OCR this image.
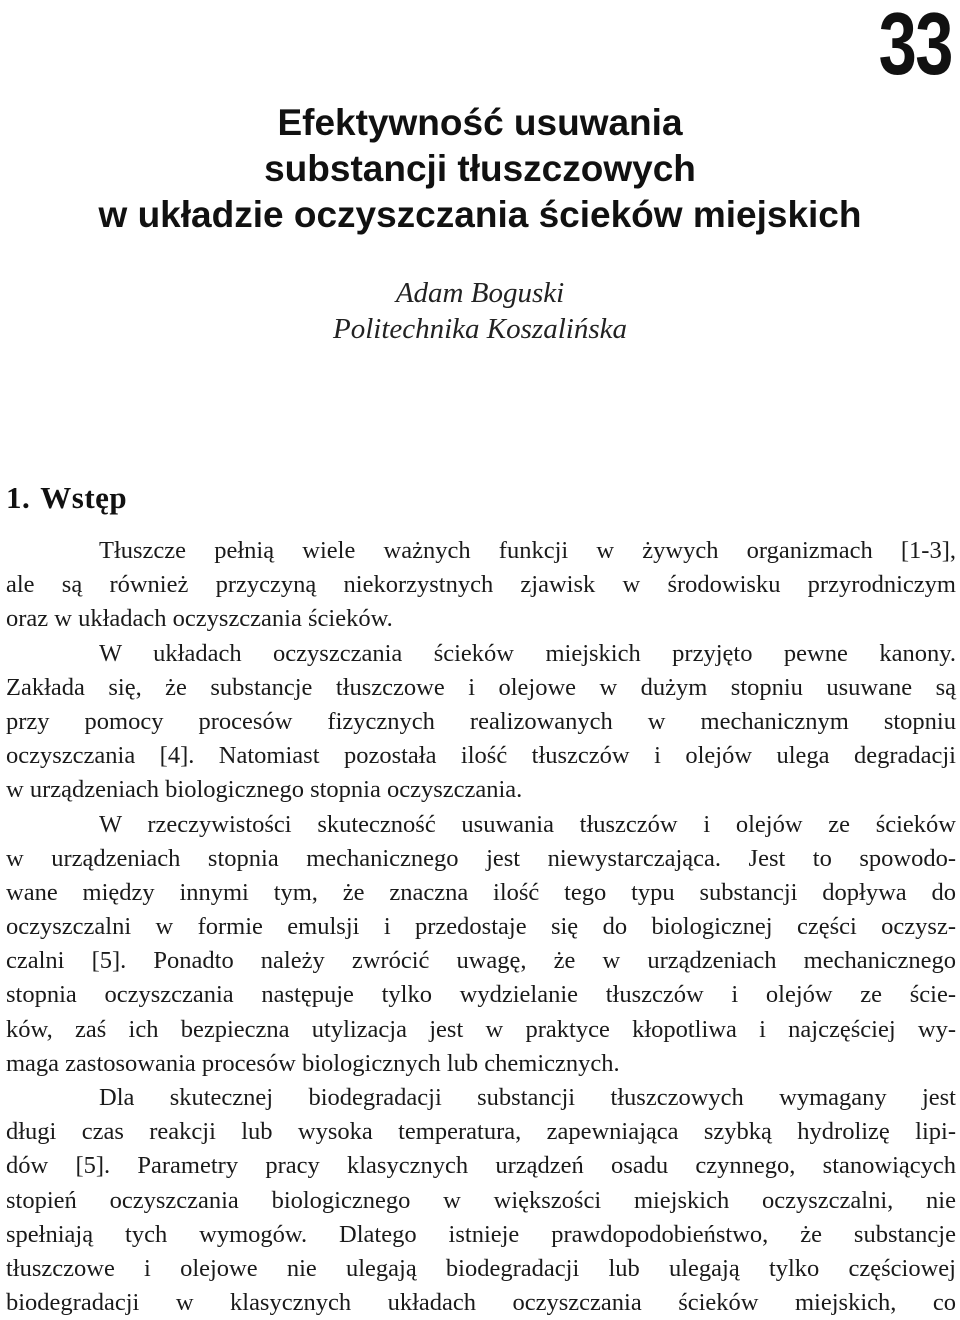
33
Efektywność usuwania
substancji tłuszczowych
w układzie oczyszczania ścieków miejskich
Adam Boguski
Politechnika Koszalińska
1. Wstęp
Tłuszcze pełnią wiele ważnych funkcji w żywych organizmach [1-3],
ale są również przyczyną niekorzystnych zjawisk w środowisku przyrodniczym
oraz w układach oczyszczania ścieków.
W układach oczyszczania ścieków miejskich przyjęto pewne kanony.
Zakłada się, że substancje tłuszczowe i olejowe w dużym stopniu usuwane są
przy pomocy procesów fizycznych realizowanych w mechanicznym stopniu
oczyszczania [4]. Natomiast pozostała ilość tłuszczów i olejów ulega degradacji
w urządzeniach biologicznego stopnia oczyszczania.
W rzeczywistości skuteczność usuwania tłuszczów i olejów ze ścieków
w urządzeniach stopnia mechanicznego jest niewystarczająca. Jest to spowodo-
wane między innymi tym, że znaczna ilość tego typu substancji dopływa do
oczyszczalni w formie emulsji i przedostaje się do biologicznej części oczysz-
czalni [5]. Ponadto należy zwrócić uwagę, że w urządzeniach mechanicznego
stopnia oczyszczania następuje tylko wydzielanie tłuszczów i olejów ze ście-
ków, zaś ich bezpieczna utylizacja jest w praktyce kłopotliwa i najczęściej wy-
maga zastosowania procesów biologicznych lub chemicznych.
Dla skutecznej biodegradacji substancji tłuszczowych wymagany jest
długi czas reakcji lub wysoka temperatura, zapewniająca szybką hydrolizę lipi-
dów [5]. Parametry pracy klasycznych urządzeń osadu czynnego, stanowiących
stopień oczyszczania biologicznego w większości miejskich oczyszczalni, nie
spełniają tych wymogów. Dlatego istnieje prawdopodobieństwo, że substancje
tłuszczowe i olejowe nie ulegają biodegradacji lub ulegają tylko częściowej
biodegradacji w klasycznych układach oczyszczania ścieków miejskich, co
